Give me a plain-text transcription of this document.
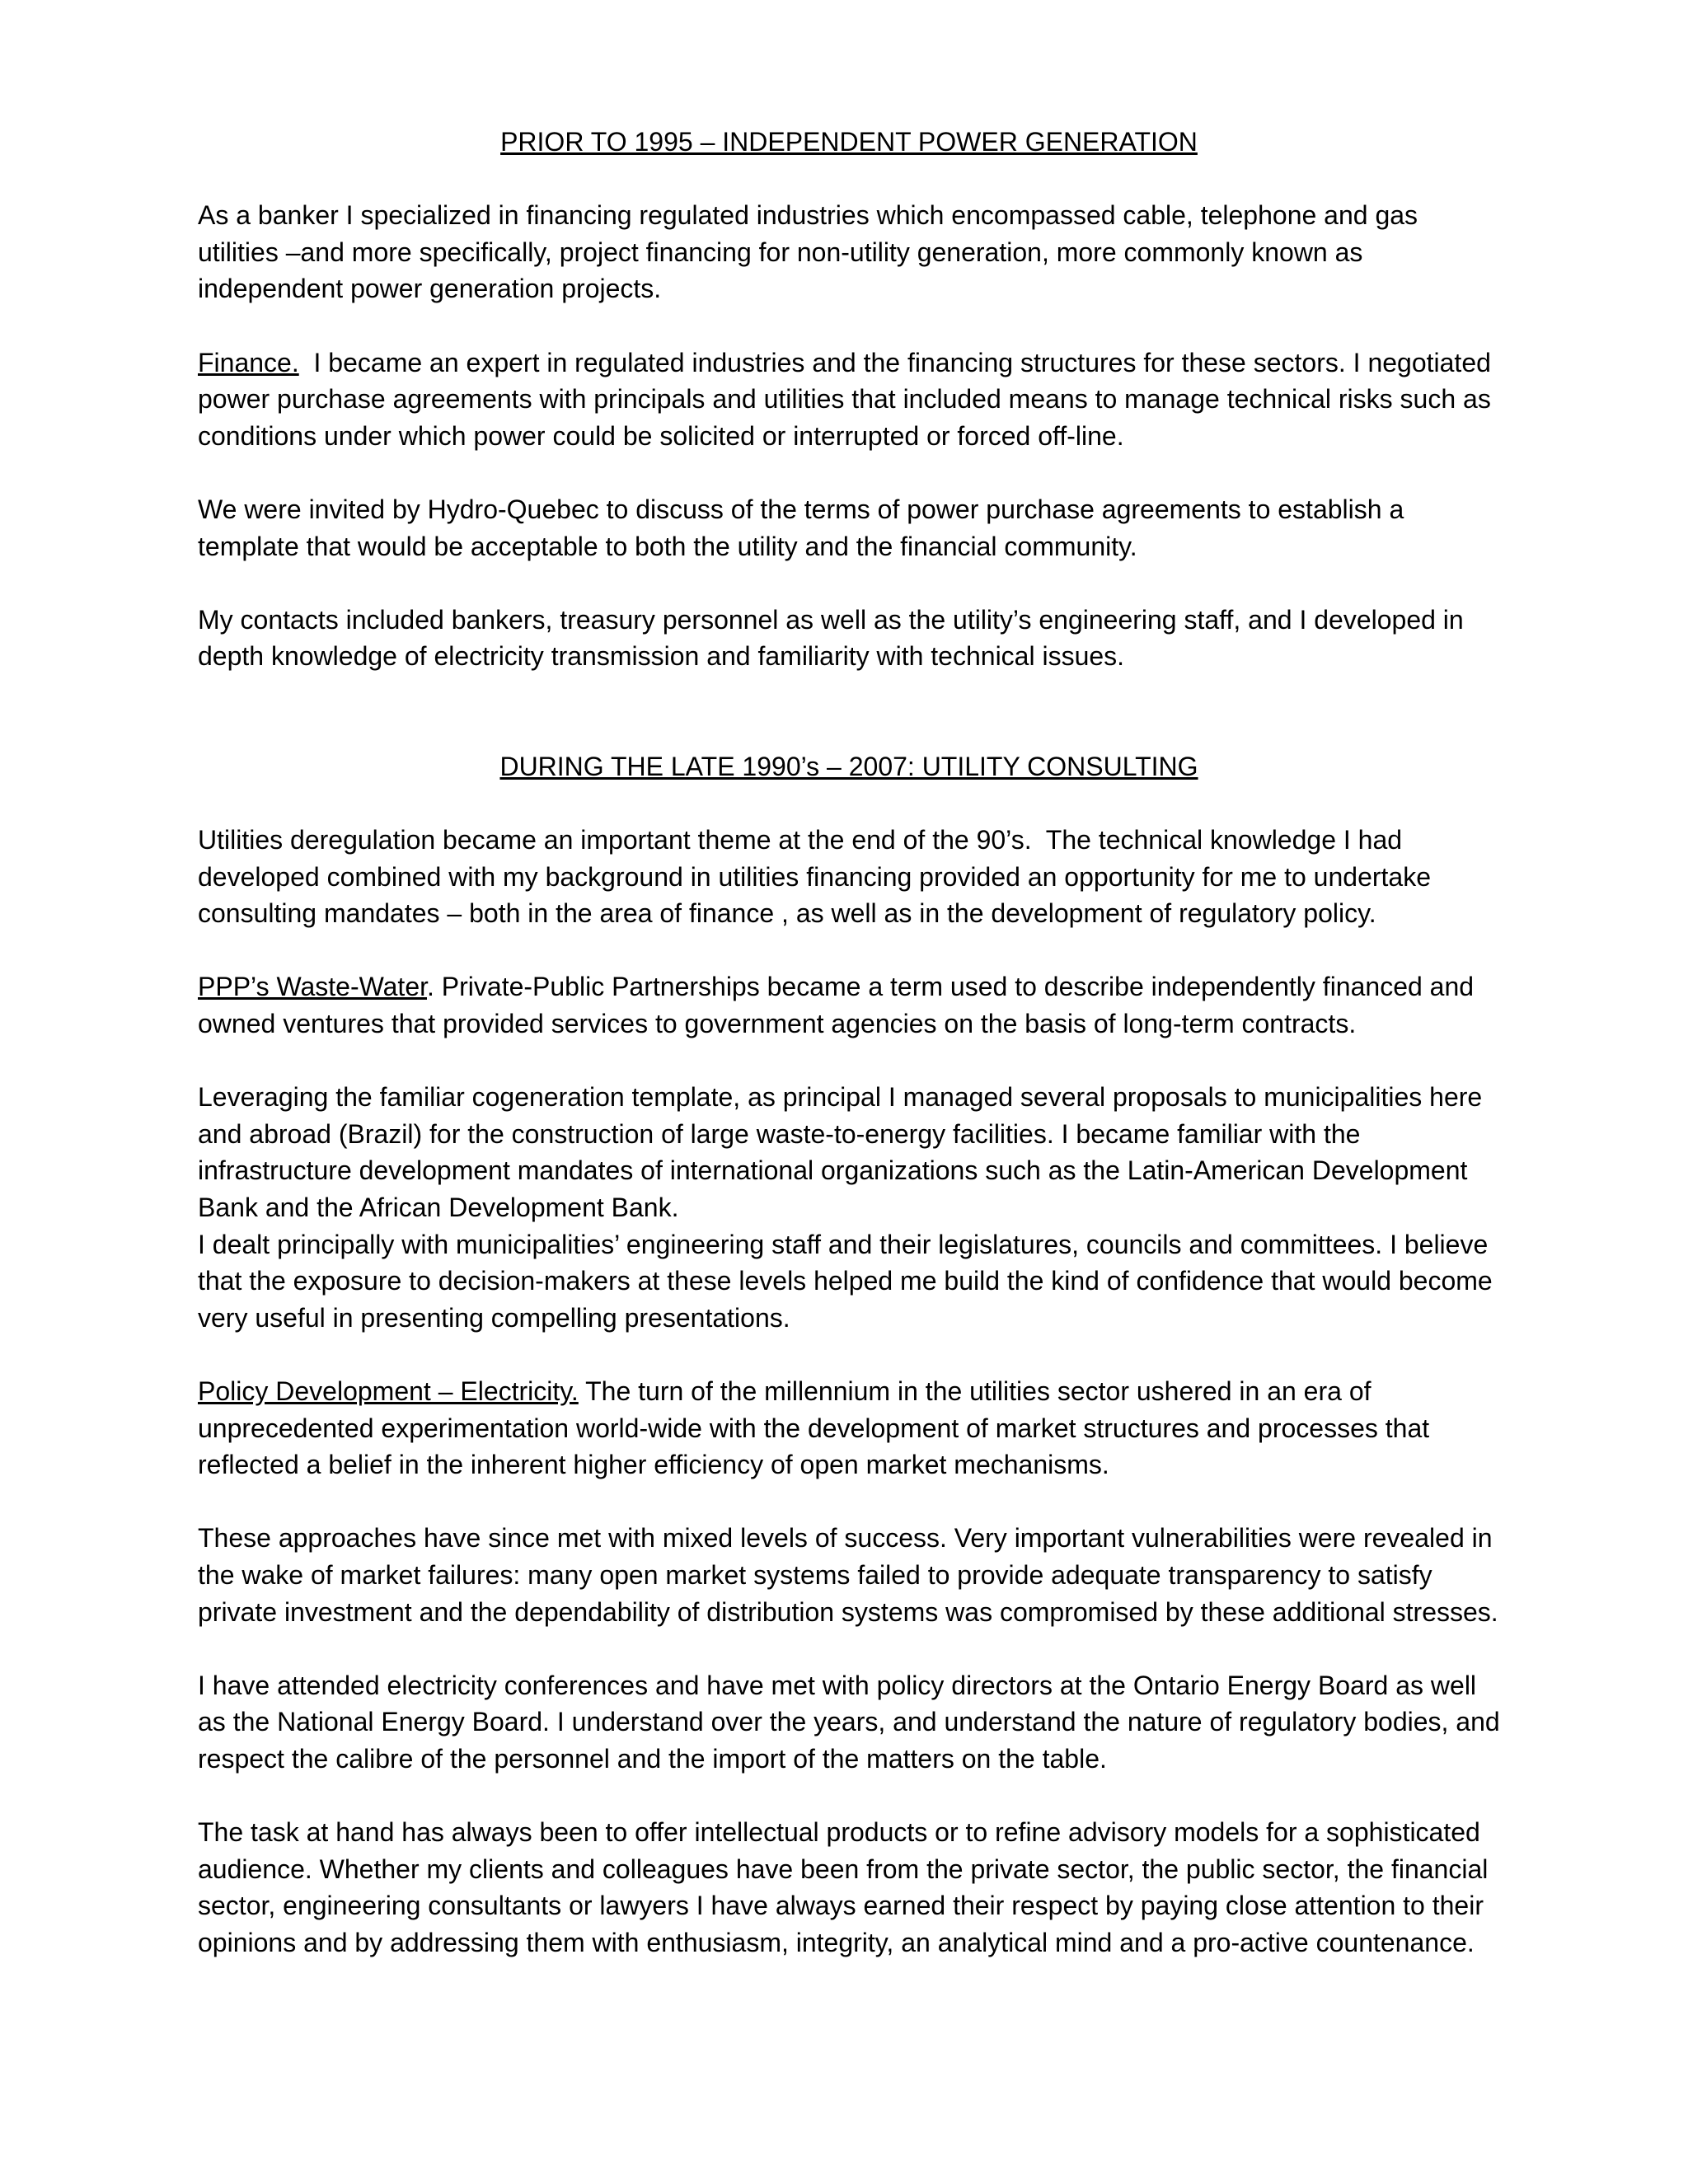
PRIOR TO 1995 – INDEPENDENT POWER GENERATION

As a banker I specialized in financing regulated industries which encompassed cable, telephone and gas utilities –and more specifically, project financing for non-utility generation, more commonly known as independent power generation projects.

Finance.  I became an expert in regulated industries and the financing structures for these sectors. I negotiated power purchase agreements with principals and utilities that included means to manage technical risks such as conditions under which power could be solicited or interrupted or forced off-line.

We were invited by Hydro-Quebec to discuss of the terms of power purchase agreements to establish a template that would be acceptable to both the utility and the financial community.

My contacts included bankers, treasury personnel as well as the utility’s engineering staff, and I developed in depth knowledge of electricity transmission and familiarity with technical issues.

DURING THE LATE 1990’s – 2007: UTILITY CONSULTING

Utilities deregulation became an important theme at the end of the 90’s.  The technical knowledge I had developed combined with my background in utilities financing provided an opportunity for me to undertake consulting mandates – both in the area of finance , as well as in the development of regulatory policy.

PPP’s Waste-Water. Private-Public Partnerships became a term used to describe independently financed and owned ventures that provided services to government agencies on the basis of long-term contracts.

Leveraging the familiar cogeneration template, as principal I managed several proposals to municipalities here and abroad (Brazil) for the construction of large waste-to-energy facilities. I became familiar with the infrastructure development mandates of international organizations such as the Latin-American Development Bank and the African Development Bank.

I dealt principally with municipalities’ engineering staff and their legislatures, councils and committees. I believe that the exposure to decision-makers at these levels helped me build the kind of confidence that would become very useful in presenting compelling presentations.

Policy Development – Electricity. The turn of the millennium in the utilities sector ushered in an era of unprecedented experimentation world-wide with the development of market structures and processes that reflected a belief in the inherent higher efficiency of open market mechanisms.

These approaches have since met with mixed levels of success. Very important vulnerabilities were revealed in the wake of market failures: many open market systems failed to provide adequate transparency to satisfy private investment and the dependability of distribution systems was compromised by these additional stresses.

I have attended electricity conferences and have met with policy directors at the Ontario Energy Board as well as the National Energy Board. I understand over the years, and understand the nature of regulatory bodies, and respect the calibre of the personnel and the import of the matters on the table.

The task at hand has always been to offer intellectual products or to refine advisory models for a sophisticated audience. Whether my clients and colleagues have been from the private sector, the public sector, the financial sector, engineering consultants or lawyers I have always earned their respect by paying close attention to their opinions and by addressing them with enthusiasm, integrity, an analytical mind and a pro-active countenance.
